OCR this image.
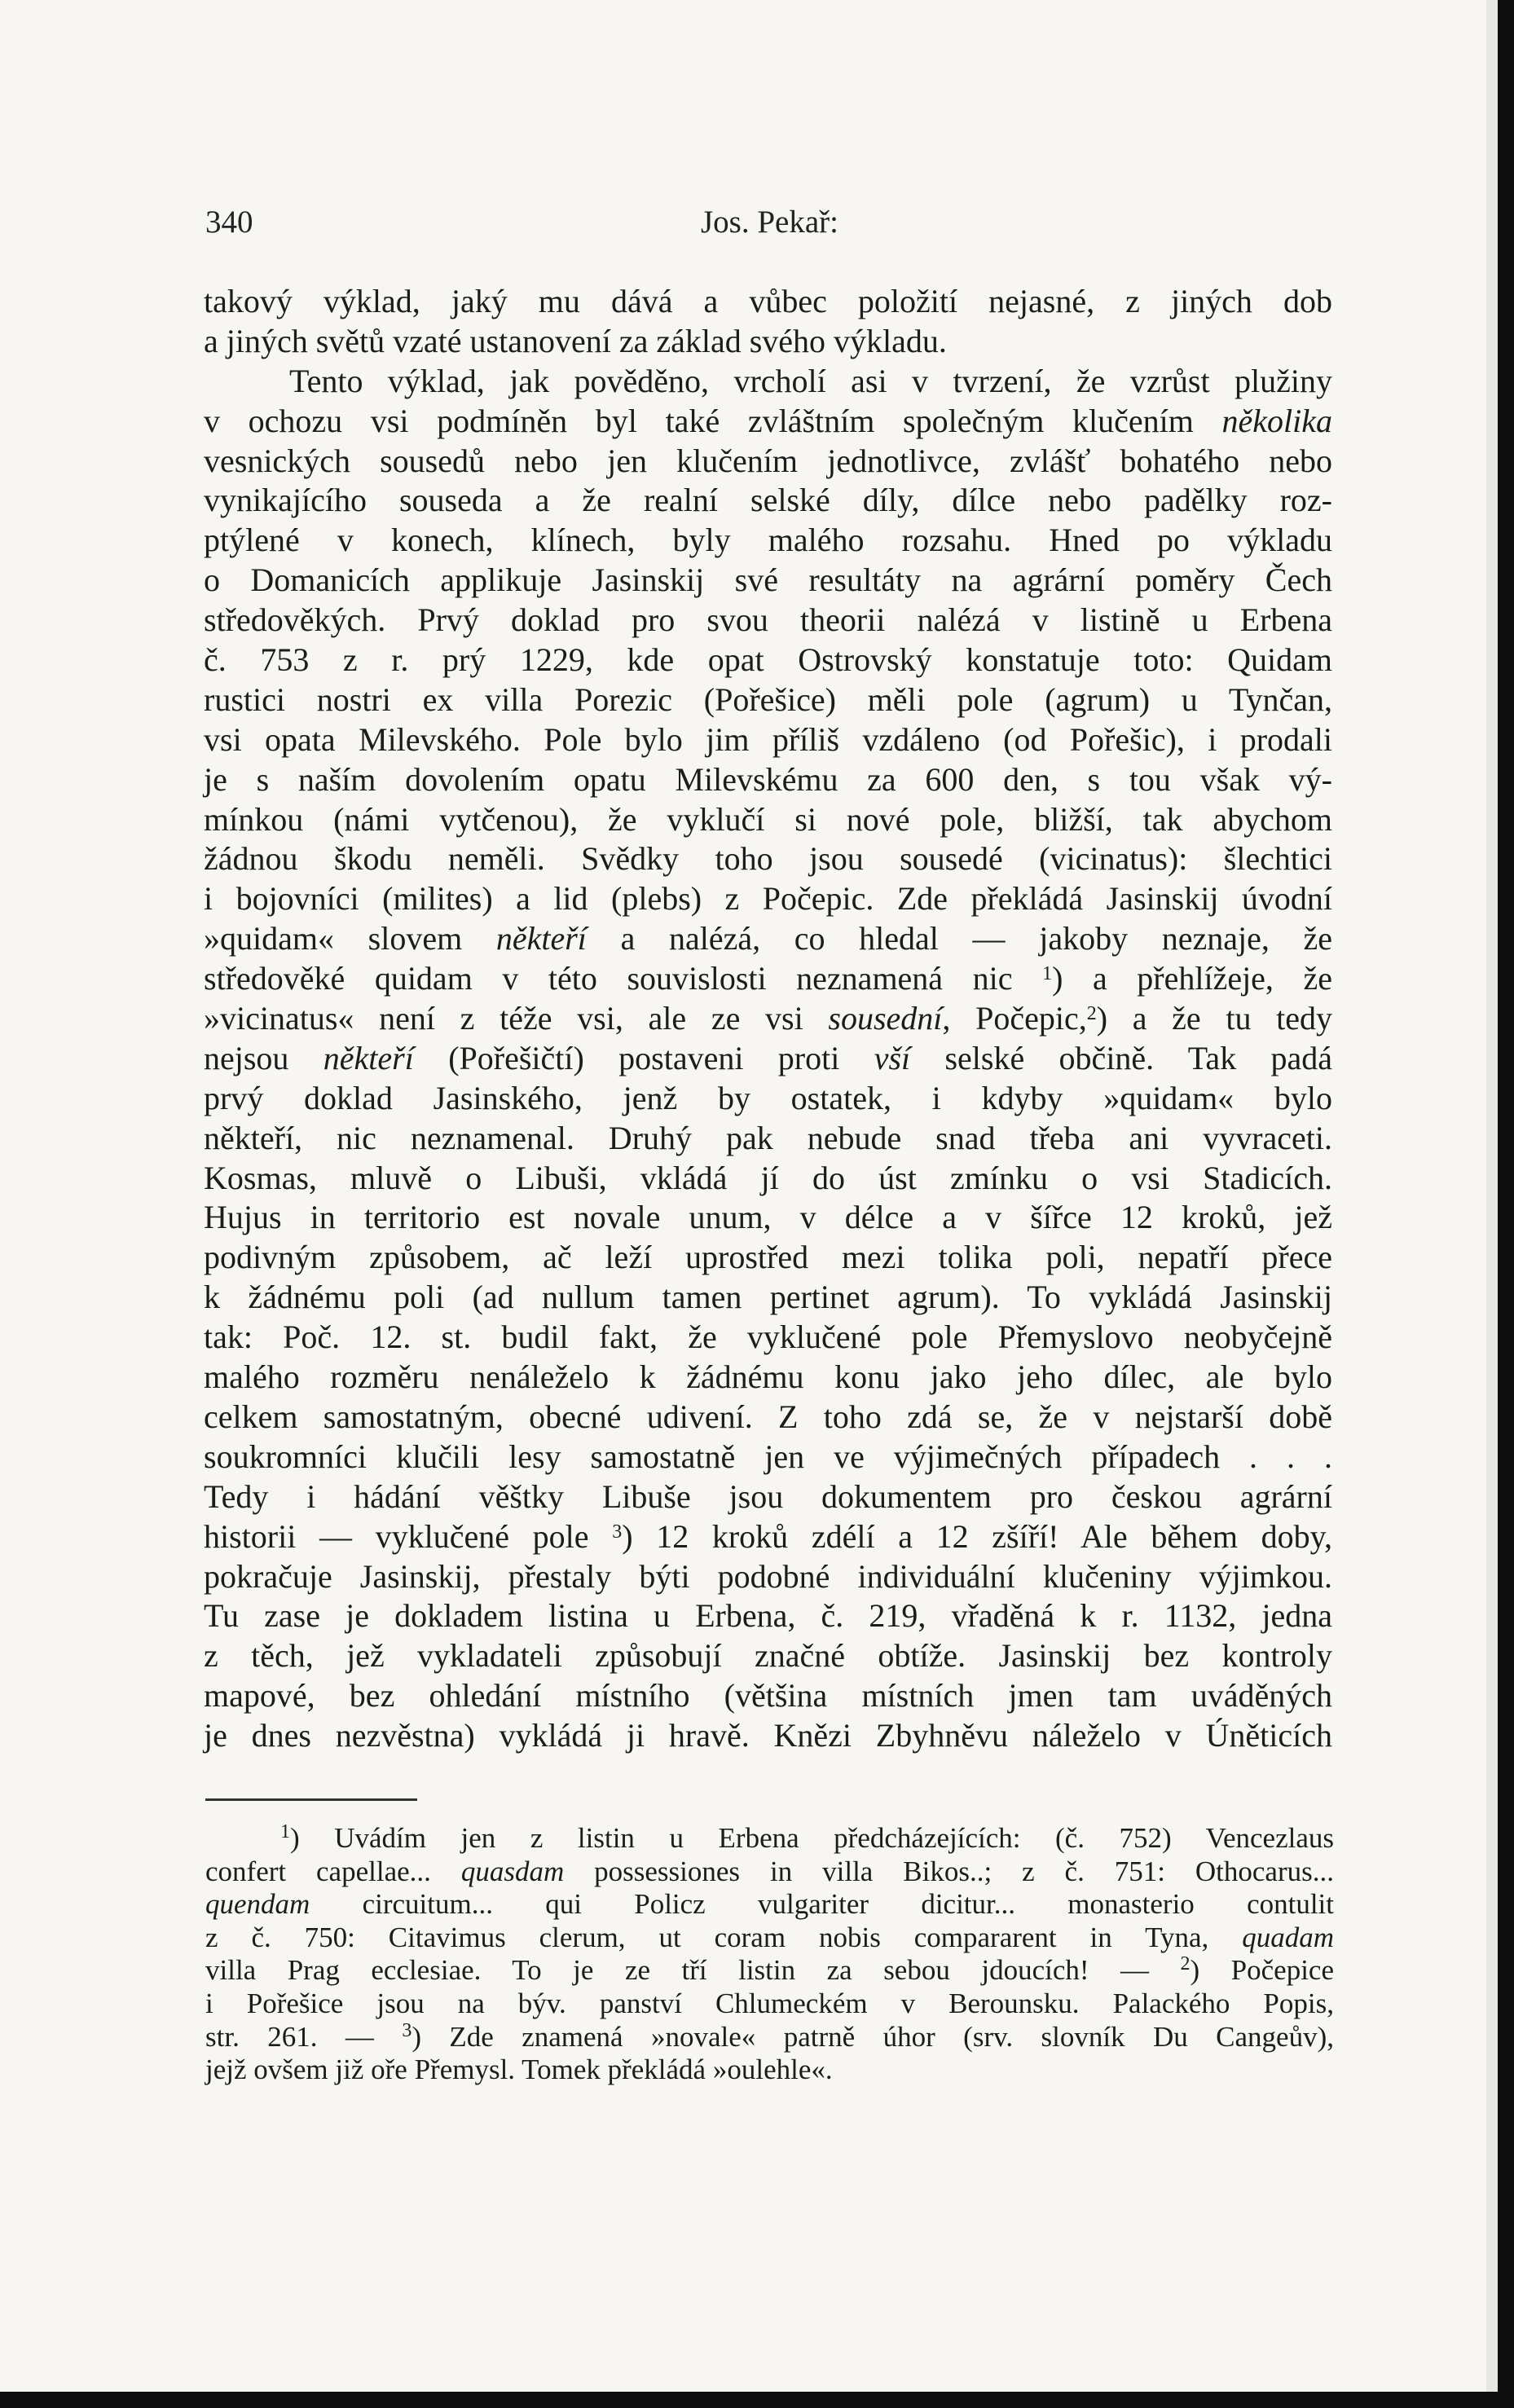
340	Jos. Pekař:
takový výklad, jaký mu dává a vůbec položití nejasné, z jiných dob
a jiných světů vzaté ustanovení za základ svého výkladu.
Tento výklad, jak pověděno, vrcholí asi v tvrzení, že vzrůst plužiny
v ochozu vsi podmíněn byl také zvláštním společným klučením několika
vesnických sousedů nebo jen klučením jednotlivce, zvlášť bohatého nebo
vynikajícího souseda a že realní selské díly, dílce nebo padělky roz-
ptýlené v konech, klínech, byly malého rozsahu. Hned po výkladu
o Domanicích applikuje Jasinskij své resultáty na agrární poměry Čech
středověkých. Prvý doklad pro svou theorii nalézá v listině u Erbena
č. 753 z r. prý 1229, kde opat Ostrovský konstatuje toto: Quidam
rustici nostri ex villa Porezic (Pořešice) měli pole (agrum) u Tynčan,
vsi opata Milevského. Pole bylo jim příliš vzdáleno (od Pořešic), i prodali
je s naším dovolením opatu Milevskému za 600 den, s tou však vý-
mínkou (námi vytčenou), že vyklučí si nové pole, bližší, tak abychom
žádnou škodu neměli. Svědky toho jsou sousedé (vicinatus): šlechtici
i bojovníci (milites) a lid (plebs) z Počepic. Zde překládá Jasinskij úvodní
»quidam« slovem někteří a nalézá, co hledal — jakoby neznaje, že
středověké quidam v této souvislosti neznamená nic $^1$) a přehlížeje, že
»vicinatus« není z téže vsi, ale ze vsi sousední, Počepic,$^2$) a že tu tedy
nejsou někteří (Pořešičtí) postaveni proti vší selské občině. Tak padá
prvý doklad Jasinského, jenž by ostatek, i kdyby »quidam« bylo
někteří, nic neznamenal. Druhý pak nebude snad třeba ani vyvraceti.
Kosmas, mluvě o Libuši, vkládá jí do úst zmínku o vsi Stadicích.
Hujus in territorio est novale unum, v délce a v šířce 12 kroků, jež
podivným způsobem, ač leží uprostřed mezi tolika poli, nepatří přece
k žádnému poli (ad nullum tamen pertinet agrum). To vykládá Jasinskij
tak: Poč. 12. st. budil fakt, že vyklučené pole Přemyslovo neobyčejně
malého rozměru nenáleželo k žádnému konu jako jeho dílec, ale bylo
celkem samostatným, obecné udivení. Z toho zdá se, že v nejstarší době
soukromníci klučili lesy samostatně jen ve výjimečných případech . . .
Tedy i hádání věštky Libuše jsou dokumentem pro českou agrární
historii — vyklučené pole $^3$) 12 kroků zdélí a 12 zšíří! Ale během doby,
pokračuje Jasinskij, přestaly býti podobné individuální klučeniny výjimkou.
Tu zase je dokladem listina u Erbena, č. 219, vřaděná k r. 1132, jedna
z těch, jež vykladateli způsobují značné obtíže. Jasinskij bez kontroly
mapové, bez ohledání místního (většina místních jmen tam uváděných
je dnes nezvěstna) vykládá ji hravě. Knězi Zbyhněvu náleželo v Úněticích
$^1$) Uvádím jen z listin u Erbena předcházejících: (č. 752) Vencezlaus
confert capellae... quasdam possessiones in villa Bikos..; z č. 751: Othocarus...
quendam circuitum... qui Policz vulgariter dicitur... monasterio contulit
z č. 750: Citavimus clerum, ut coram nobis compararent in Tyna, quadam
villa Prag ecclesiae. To je ze tří listin za sebou jdoucích! — $^2$) Počepice
i Pořešice jsou na býv. panství Chlumeckém v Berounsku. Palackého Popis,
str. 261. — $^3$) Zde znamená »novale« patrně úhor (srv. slovník Du Cangeův),
jejž ovšem již oře Přemysl. Tomek překládá »oulehle«.
